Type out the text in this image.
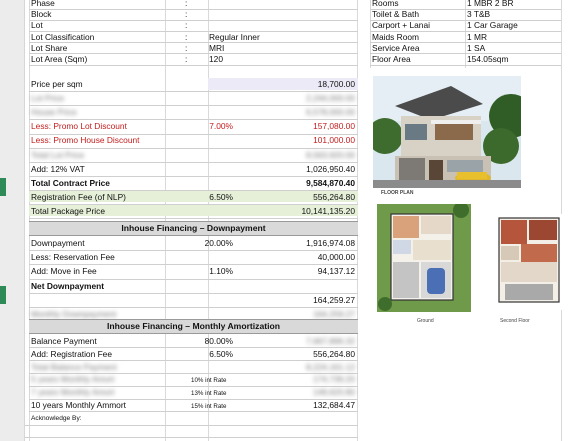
Phase	:
Block	:
Lot	:
Lot Classification	:	Regular Inner
Lot Share	:	MRI
Lot Area (Sqm)	:	120
Rooms	1 MBR 2 BR
Toilet & Bath	3 T&B
Carport + Lanai	1 Car Garage
Maids Room	1 MR
Service Area	1 SA
Floor Area	154.05sqm
Price per sqm	18,700.00
Lot Price	2,244,000.00
House Price	6,578,000.00
Less: Promo Lot Discount	7.00%	157,080.00
Less: Promo House Discount	101,000.00
Total Lot Price	8,563,920.00
Add: 12% VAT	1,026,950.40
Total Contract Price	9,584,870.40
Registration Fee (of NLP)	6.50%	556,264.80
Total Package Price	10,141,135.20
Inhouse Financing – Downpayment
Downpayment	20.00%	1,916,974.08
Less: Reservation Fee	40,000.00
Add: Move in Fee	1.10%	94,137.12
Net Downpayment
164,259.27
Monthly Downpayment	164,259.27
Inhouse Financing – Monthly Amortization
Balance Payment	80.00%	7,667,896.32
Add: Registration Fee	6.50%	556,264.80
Total Balance Payment	8,224,161.12
5 years Monthly Amort	10% int Rate	174,739.20
7 years Monthly Amort	13% int Rate	149,620.80
10 years Monthly Ammort	15% int Rate	132,684.47
Acknowledge By:
FLOOR PLAN
Ground	Second Floor
